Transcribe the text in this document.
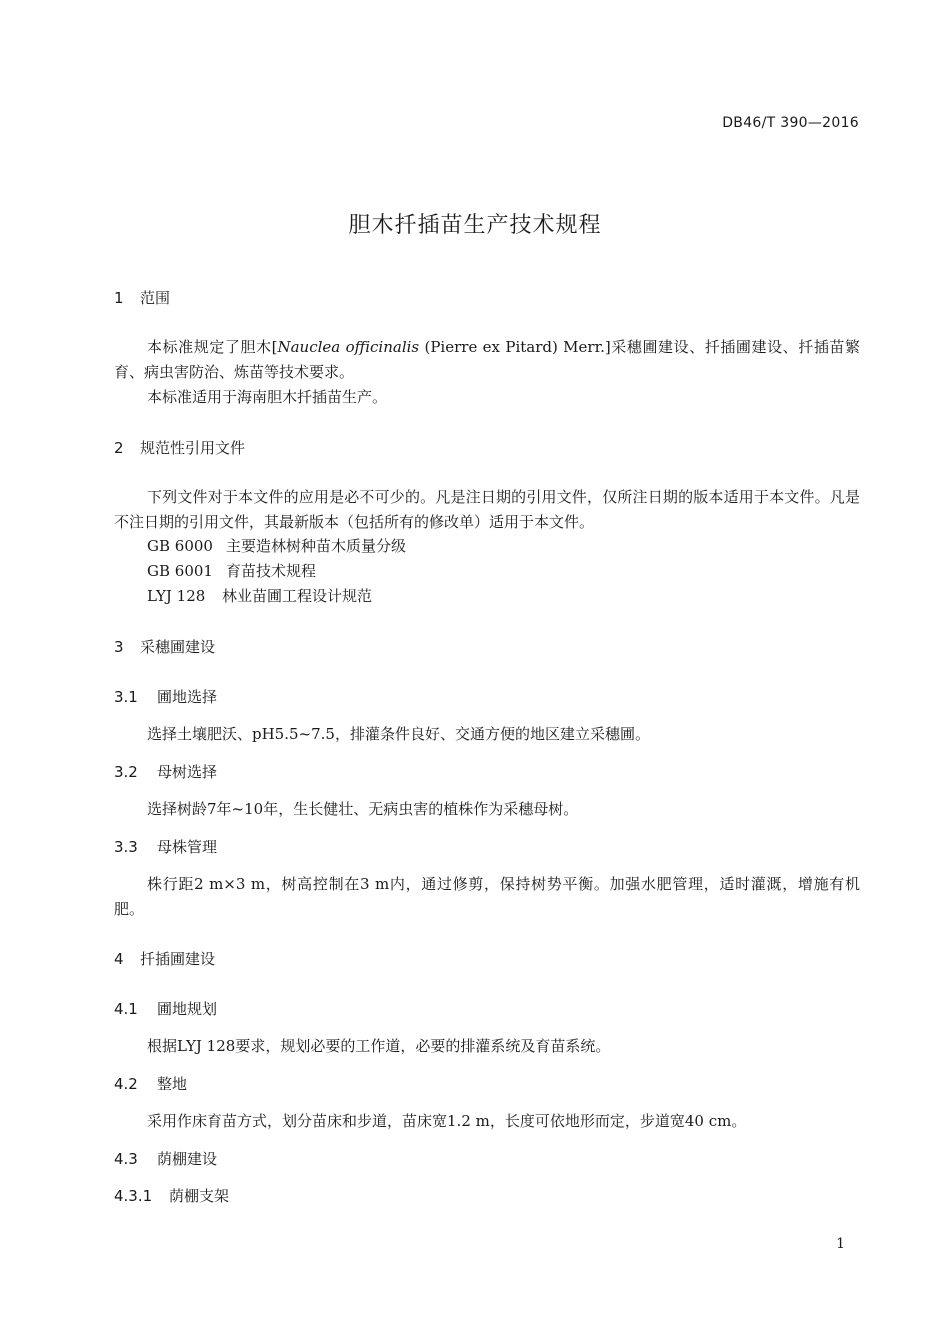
DB46/T 390—2016
胆木扦插苗生产技术规程
1 范围
本标准规定了胆木[Nauclea officinalis (Pierre ex Pitard) Merr.]采穗圃建设、扦插圃建设、扦插苗繁育、病虫害防治、炼苗等技术要求。
本标准适用于海南胆木扦插苗生产。
2 规范性引用文件
下列文件对于本文件的应用是必不可少的。凡是注日期的引用文件，仅所注日期的版本适用于本文件。凡是不注日期的引用文件，其最新版本（包括所有的修改单）适用于本文件。
GB 6000 主要造林树种苗木质量分级
GB 6001 育苗技术规程
LYJ 128 林业苗圃工程设计规范
3 采穗圃建设
3.1 圃地选择
选择土壤肥沃、pH5.5~7.5，排灌条件良好、交通方便的地区建立采穗圃。
3.2 母树选择
选择树龄7年~10年，生长健壮、无病虫害的植株作为采穗母树。
3.3 母株管理
株行距2 m×3 m，树高控制在3 m内，通过修剪，保持树势平衡。加强水肥管理，适时灌溉，增施有机肥。
4 扦插圃建设
4.1 圃地规划
根据LYJ 128要求，规划必要的工作道，必要的排灌系统及育苗系统。
4.2 整地
采用作床育苗方式，划分苗床和步道，苗床宽1.2 m，长度可依地形而定，步道宽40 cm。
4.3 荫棚建设
4.3.1 荫棚支架
1
